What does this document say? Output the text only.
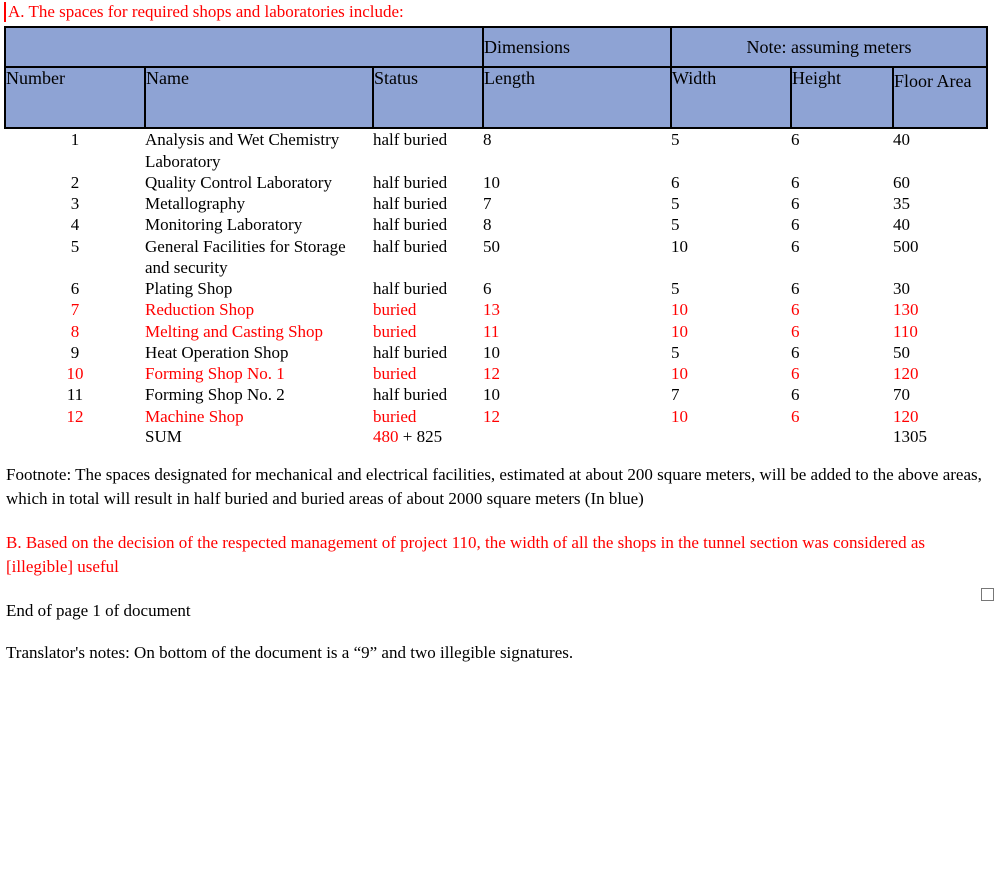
A. The spaces for required shops and laboratories include:
			Dimensions	Note: assuming meters		
Number	Name	Status	Length	Width	Height	Floor Area
1	Analysis and Wet Chemistry Laboratory	half buried	8	5	6	40
2	Quality Control Laboratory	half buried	10	6	6	60
3	Metallography	half buried	7	5	6	35
4	Monitoring Laboratory	half buried	8	5	6	40
5	General Facilities for Storage and security	half buried	50	10	6	500
6	Plating Shop	half buried	6	5	6	30
7	Reduction Shop	buried	13	10	6	130
8	Melting and Casting Shop	buried	11	10	6	110
9	Heat Operation Shop	half buried	10	5	6	50
10	Forming Shop No. 1	buried	12	10	6	120
11	Forming Shop No. 2	half buried	10	7	6	70
12	Machine Shop	buried	12	10	6	120
	SUM	480 + 825				1305
Footnote: The spaces designated for mechanical and electrical facilities, estimated at about 200 square meters, will be added to the above areas, which in total will result in half buried and buried areas of about 2000 square meters (In blue)
B. Based on the decision of the respected management of project 110, the width of all the shops in the tunnel section was considered as [illegible] useful
End of page 1 of document
Translator's notes: On bottom of the document is a “9” and two illegible signatures.
